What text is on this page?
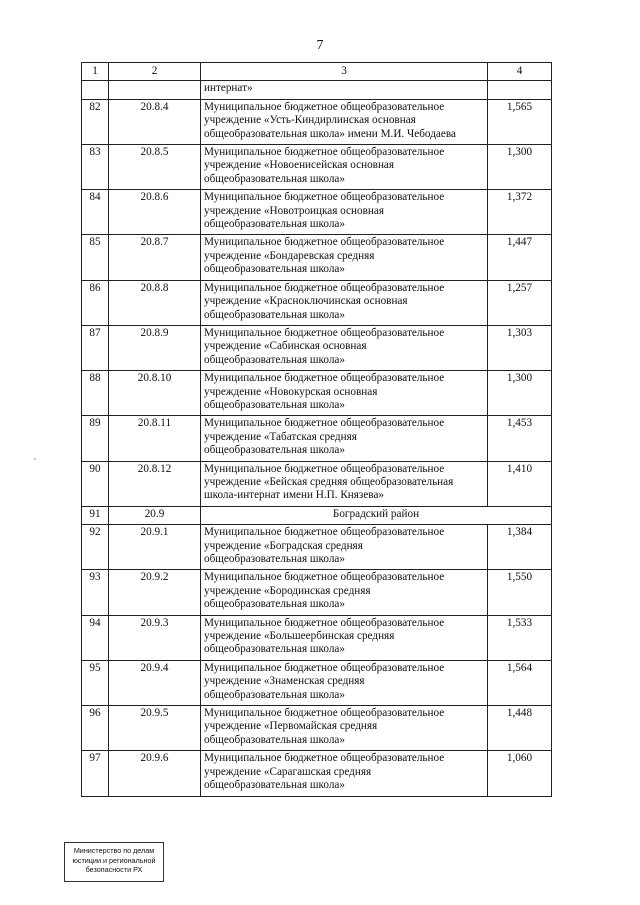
7
1	2	3	4
		интернат»	
82	20.8.4	Муниципальное бюджетное общеобразовательное
учреждение «Усть-Киндирлинская основная
общеобразовательная школа» имени М.И. Чебодаева	1,565
83	20.8.5	Муниципальное бюджетное общеобразовательное
учреждение «Новоенисейская основная
общеобразовательная школа»	1,300
84	20.8.6	Муниципальное бюджетное общеобразовательное
учреждение «Новотроицкая основная
общеобразовательная школа»	1,372
85	20.8.7	Муниципальное бюджетное общеобразовательное
учреждение «Бондаревская средняя
общеобразовательная школа»	1,447
86	20.8.8	Муниципальное бюджетное общеобразовательное
учреждение «Красноключинская основная
общеобразовательная школа»	1,257
87	20.8.9	Муниципальное бюджетное общеобразовательное
учреждение «Сабинская основная
общеобразовательная школа»	1,303
88	20.8.10	Муниципальное бюджетное общеобразовательное
учреждение «Новокурская основная
общеобразовательная школа»	1,300
89	20.8.11	Муниципальное бюджетное общеобразовательное
учреждение «Табатская средняя
общеобразовательная школа»	1,453
90	20.8.12	Муниципальное бюджетное общеобразовательное
учреждение «Бейская средняя общеобразовательная
школа-интернат имени Н.П. Князева»	1,410
91	20.9	Боградский район	
92	20.9.1	Муниципальное бюджетное общеобразовательное
учреждение «Боградская средняя
общеобразовательная школа»	1,384
93	20.9.2	Муниципальное бюджетное общеобразовательное
учреждение «Бородинская средняя
общеобразовательная школа»	1,550
94	20.9.3	Муниципальное бюджетное общеобразовательное
учреждение «Большеербинская средняя
общеобразовательная школа»	1,533
95	20.9.4	Муниципальное бюджетное общеобразовательное
учреждение «Знаменская средняя
общеобразовательная школа»	1,564
96	20.9.5	Муниципальное бюджетное общеобразовательное
учреждение «Первомайская средняя
общеобразовательная школа»	1,448
97	20.9.6	Муниципальное бюджетное общеобразовательное
учреждение «Сарагашская средняя
общеобразовательная школа»	1,060
Министерство по делам
юстиции и региональной
безопасности РХ
